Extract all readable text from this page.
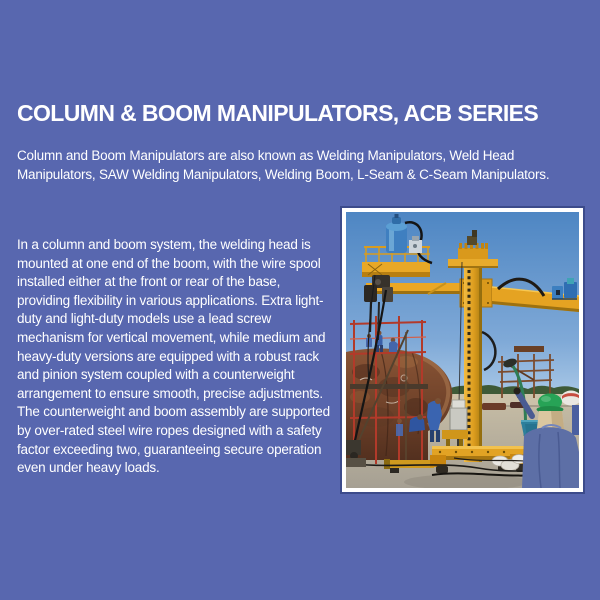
COLUMN & BOOM MANIPULATORS, ACB SERIES

Column and Boom Manipulators are also known as Welding Manipulators, Weld Head Manipulators, SAW Welding Manipulators, Welding Boom, L-Seam & C-Seam Manipulators.

In a column and boom system, the welding head is mounted at one end of the boom, with the wire spool installed either at the front or rear of the base, providing flexibility in various applications. Extra light-duty and light-duty models use a lead screw mechanism for vertical movement, while medium and heavy-duty versions are equipped with a robust rack and pinion system coupled with a counterweight arrangement to ensure smooth, precise adjustments. The counterweight and boom assembly are supported by over-rated steel wire ropes designed with a safety factor exceeding two, guaranteeing secure operation even under heavy loads.
